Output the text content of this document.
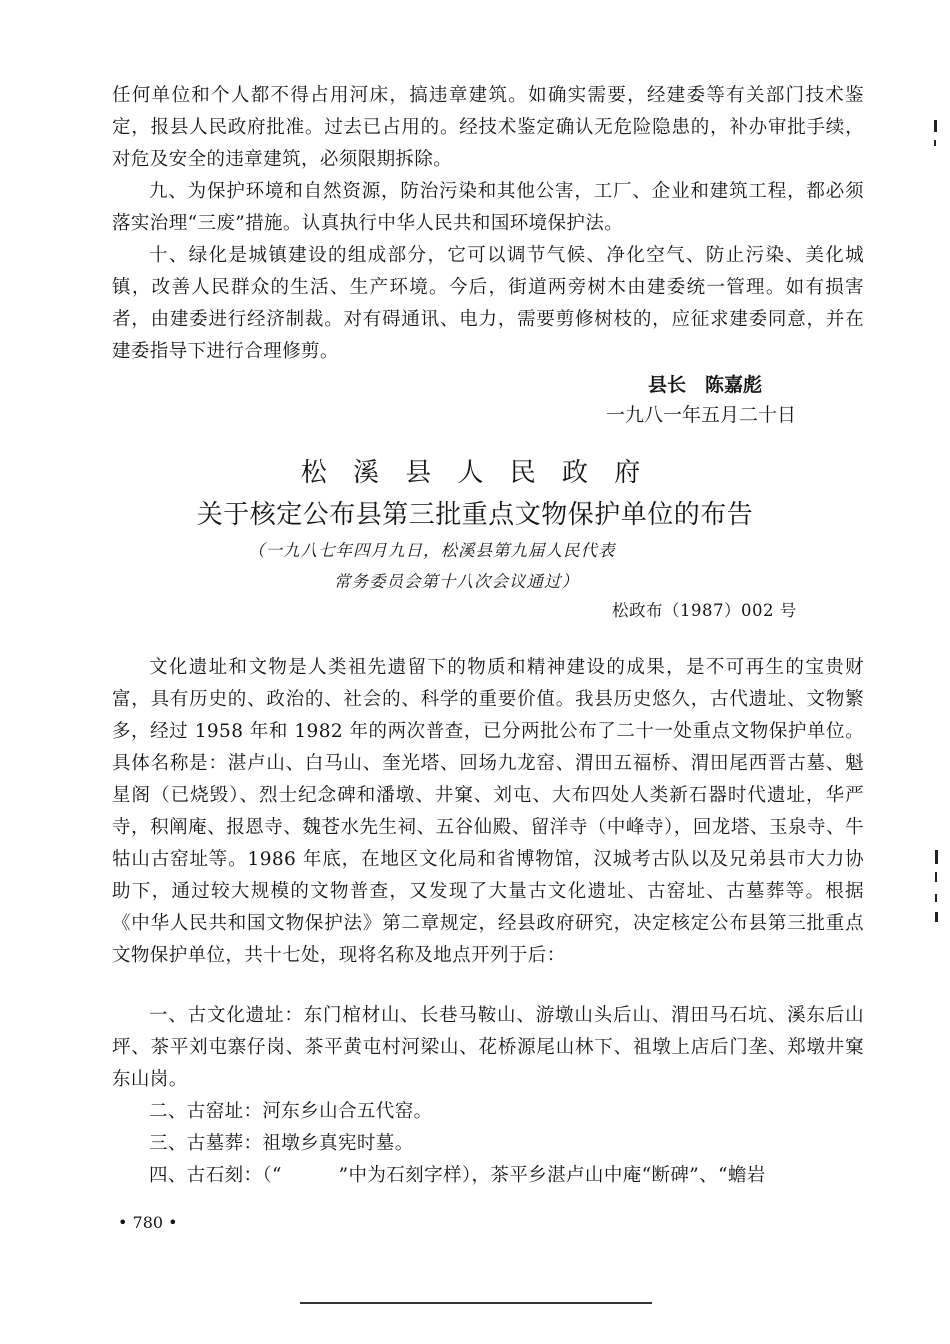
任何单位和个人都不得占用河床，搞违章建筑。如确实需要，经建委等有关部门技术鉴定，报县人民政府批准。过去已占用的。经技术鉴定确认无危险隐患的，补办审批手续，对危及安全的违章建筑，必须限期拆除。

九、为保护环境和自然资源，防治污染和其他公害，工厂、企业和建筑工程，都必须落实治理“三废”措施。认真执行中华人民共和国环境保护法。

十、绿化是城镇建设的组成部分，它可以调节气候、净化空气、防止污染、美化城镇，改善人民群众的生活、生产环境。今后，街道两旁树木由建委统一管理。如有损害者，由建委进行经济制裁。对有碍通讯、电力，需要剪修树枝的，应征求建委同意，并在建委指导下进行合理修剪。

县长　陈嘉彪
一九八一年五月二十日
松 溪 县 人 民 政 府
关于核定公布县第三批重点文物保护单位的布告
（一九八七年四月九日，松溪县第九届人民代表
常务委员会第十八次会议通过）
松政布（1987）002 号

文化遗址和文物是人类祖先遗留下的物质和精神建设的成果，是不可再生的宝贵财富，具有历史的、政治的、社会的、科学的重要价值。我县历史悠久，古代遗址、文物繁多，经过 1958 年和 1982 年的两次普查，已分两批公布了二十一处重点文物保护单位。具体名称是：湛卢山、白马山、奎光塔、回场九龙窑、渭田五福桥、渭田尾西晋古墓、魁星阁（已烧毁）、烈士纪念碑和潘墩、井窠、刘屯、大布四处人类新石器时代遗址，华严寺，积阐庵、报恩寺、魏苍水先生祠、五谷仙殿、留洋寺（中峰寺），回龙塔、玉泉寺、牛牯山古窑址等。1986 年底，在地区文化局和省博物馆，汉城考古队以及兄弟县市大力协助下，通过较大规模的文物普查，又发现了大量古文化遗址、古窑址、古墓葬等。根据《中华人民共和国文物保护法》第二章规定，经县政府研究，决定核定公布县第三批重点文物保护单位，共十七处，现将名称及地点开列于后：

一、古文化遗址：东门棺材山、长巷马鞍山、游墩山头后山、渭田马石坑、溪东后山坪、茶平刘屯寨仔岗、茶平黄屯村河梁山、花桥源尾山林下、祖墩上店后门垄、郑墩井窠东山岗。

二、古窑址：河东乡山合五代窑。

三、古墓葬：祖墩乡真宪时墓。

四、古石刻：（“　　　”中为石刻字样），茶平乡湛卢山中庵“断碑”、“蟾岩

• 780 •
